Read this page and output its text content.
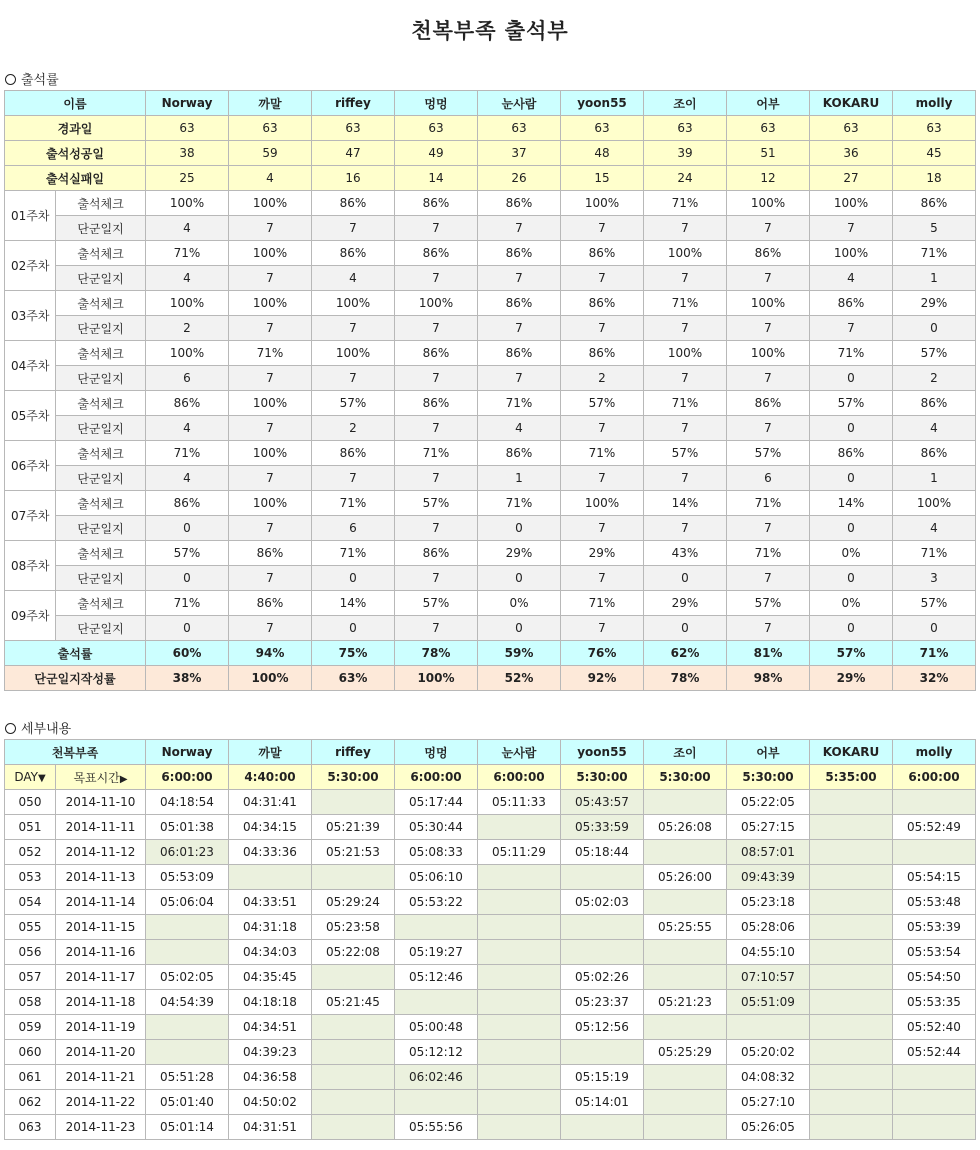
천복부족 출석부
출석률
이름		Norway	까말	riffey	멍멍	눈사람	yoon55	조이	어부	KOKARU	molly
경과일		63	63	63	63	63	63	63	63	63	63
출석성공일		38	59	47	49	37	48	39	51	36	45
출석실패일		25	4	16	14	26	15	24	12	27	18
01주차	출석체크	100%	100%	86%	86%	86%	100%	71%	100%	100%	86%
	단군일지	4	7	7	7	7	7	7	7	7	5
02주차	출석체크	71%	100%	86%	86%	86%	86%	100%	86%	100%	71%
	단군일지	4	7	4	7	7	7	7	7	4	1
03주차	출석체크	100%	100%	100%	100%	86%	86%	71%	100%	86%	29%
	단군일지	2	7	7	7	7	7	7	7	7	0
04주차	출석체크	100%	71%	100%	86%	86%	86%	100%	100%	71%	57%
	단군일지	6	7	7	7	7	2	7	7	0	2
05주차	출석체크	86%	100%	57%	86%	71%	57%	71%	86%	57%	86%
	단군일지	4	7	2	7	4	7	7	7	0	4
06주차	출석체크	71%	100%	86%	71%	86%	71%	57%	57%	86%	86%
	단군일지	4	7	7	7	1	7	7	6	0	1
07주차	출석체크	86%	100%	71%	57%	71%	100%	14%	71%	14%	100%
	단군일지	0	7	6	7	0	7	7	7	0	4
08주차	출석체크	57%	86%	71%	86%	29%	29%	43%	71%	0%	71%
	단군일지	0	7	0	7	0	7	0	7	0	3
09주차	출석체크	71%	86%	14%	57%	0%	71%	29%	57%	0%	57%
	단군일지	0	7	0	7	0	7	0	7	0	0
출석률		60%	94%	75%	78%	59%	76%	62%	81%	57%	71%
단군일지작성률		38%	100%	63%	100%	52%	92%	78%	98%	29%	32%
세부내용
천복부족		Norway	까말	riffey	멍멍	눈사람	yoon55	조이	어부	KOKARU	molly
DAY▼	목표시간▶	6:00:00	4:40:00	5:30:00	6:00:00	6:00:00	5:30:00	5:30:00	5:30:00	5:35:00	6:00:00
050	2014-11-10	04:18:54	04:31:41		05:17:44	05:11:33	05:43:57		05:22:05		
051	2014-11-11	05:01:38	04:34:15	05:21:39	05:30:44		05:33:59	05:26:08	05:27:15		05:52:49
052	2014-11-12	06:01:23	04:33:36	05:21:53	05:08:33	05:11:29	05:18:44		08:57:01		
053	2014-11-13	05:53:09			05:06:10			05:26:00	09:43:39		05:54:15
054	2014-11-14	05:06:04	04:33:51	05:29:24	05:53:22		05:02:03		05:23:18		05:53:48
055	2014-11-15		04:31:18	05:23:58				05:25:55	05:28:06		05:53:39
056	2014-11-16		04:34:03	05:22:08	05:19:27				04:55:10		05:53:54
057	2014-11-17	05:02:05	04:35:45		05:12:46		05:02:26		07:10:57		05:54:50
058	2014-11-18	04:54:39	04:18:18	05:21:45			05:23:37	05:21:23	05:51:09		05:53:35
059	2014-11-19		04:34:51		05:00:48		05:12:56				05:52:40
060	2014-11-20		04:39:23		05:12:12			05:25:29	05:20:02		05:52:44
061	2014-11-21	05:51:28	04:36:58		06:02:46		05:15:19		04:08:32		
062	2014-11-22	05:01:40	04:50:02				05:14:01		05:27:10		
063	2014-11-23	05:01:14	04:31:51		05:55:56				05:26:05		
